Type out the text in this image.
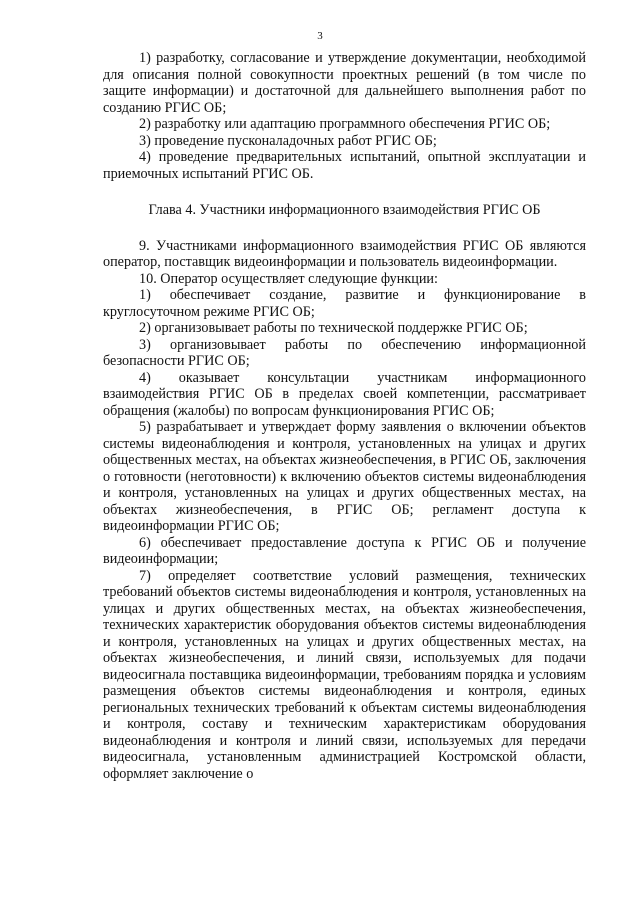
3

1) разработку, согласование и утверждение документации, необходимой для описания полной совокупности проектных решений (в том числе по защите информации) и достаточной для дальнейшего выполнения работ по созданию РГИС ОБ;

2) разработку или адаптацию программного обеспечения РГИС ОБ;

3) проведение пусконаладочных работ РГИС ОБ;

4) проведение предварительных испытаний, опытной эксплуатации и приемочных испытаний РГИС ОБ.

Глава 4. Участники информационного взаимодействия РГИС ОБ

9. Участниками информационного взаимодействия РГИС ОБ являются оператор, поставщик видеоинформации и пользователь видеоинформации.

10. Оператор осуществляет следующие функции:

1) обеспечивает создание, развитие и функционирование в круглосуточном режиме РГИС ОБ;

2) организовывает работы по технической поддержке РГИС ОБ;

3) организовывает работы по обеспечению информационной безопасности РГИС ОБ;

4) оказывает консультации участникам информационного взаимодействия РГИС ОБ в пределах своей компетенции, рассматривает обращения (жалобы) по вопросам функционирования РГИС ОБ;

5) разрабатывает и утверждает форму заявления о включении объектов системы видеонаблюдения и контроля, установленных на улицах и других общественных местах, на объектах жизнеобеспечения, в РГИС ОБ, заключения о готовности (неготовности) к включению объектов системы видеонаблюдения и контроля, установленных на улицах и других общественных местах, на объектах жизнеобеспечения, в РГИС ОБ; регламент доступа к видеоинформации РГИС ОБ;

6) обеспечивает предоставление доступа к РГИС ОБ и получение видеоинформации;

7) определяет соответствие условий размещения, технических требований объектов системы видеонаблюдения и контроля, установленных на улицах и других общественных местах, на объектах жизнеобеспечения, технических характеристик оборудования объектов системы видеонаблюдения и контроля, установленных на улицах и других общественных местах, на объектах жизнеобеспечения, и линий связи, используемых для подачи видеосигнала поставщика видеоинформации, требованиям порядка и условиям размещения объектов системы видеонаблюдения и контроля, единых региональных технических требований к объектам системы видеонаблюдения и контроля, составу и техническим характеристикам оборудования видеонаблюдения и контроля и линий связи, используемых для передачи видеосигнала, установленным администрацией Костромской области, оформляет заключение о
